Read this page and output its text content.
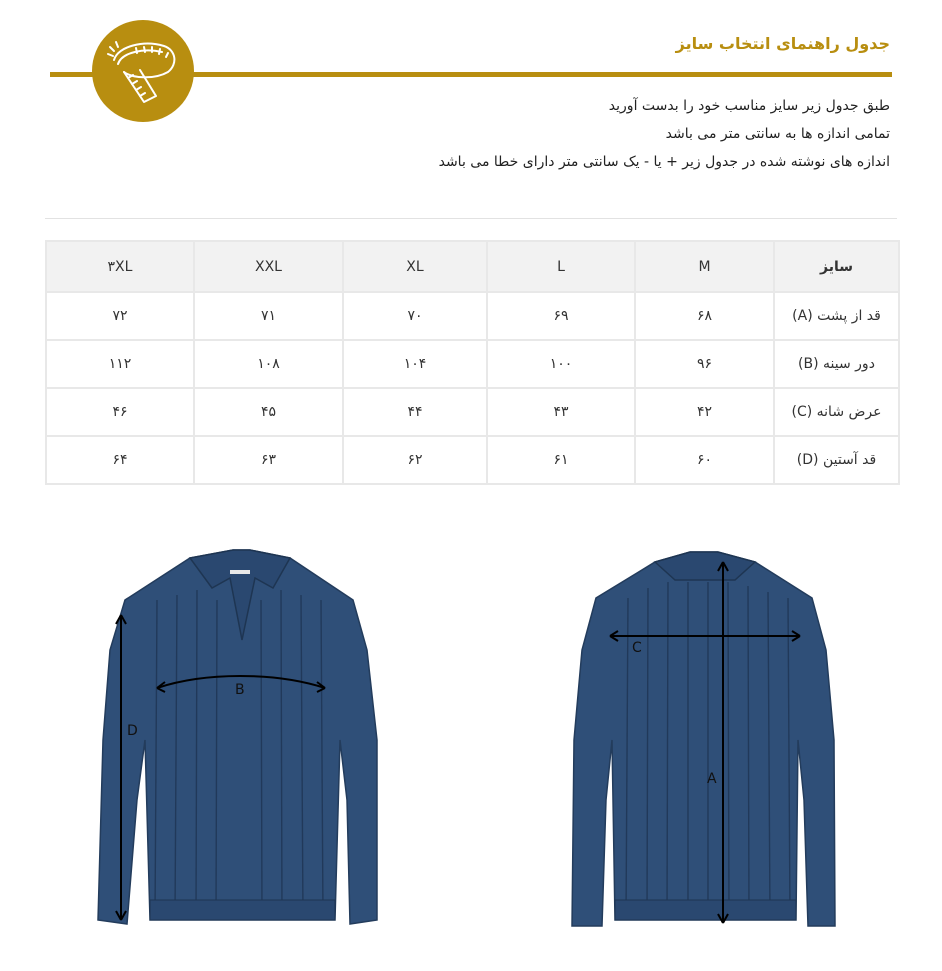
جدول راهنمای انتخاب سایز
طبق جدول زیر سایز مناسب خود را بدست آورید
تمامی اندازه ها به سانتی متر می باشد
اندازه های نوشته شده در جدول زیر + یا - یک سانتی متر دارای خطا می باشد
سایز	M	L	XL	XXL	۳XL
قد از پشت (A)	۶۸	۶۹	۷۰	۷۱	۷۲
دور سینه (B)	۹۶	۱۰۰	۱۰۴	۱۰۸	۱۱۲
عرض شانه (C)	۴۲	۴۳	۴۴	۴۵	۴۶
قد آستین (D)	۶۰	۶۱	۶۲	۶۳	۶۴
B
D
C
A
